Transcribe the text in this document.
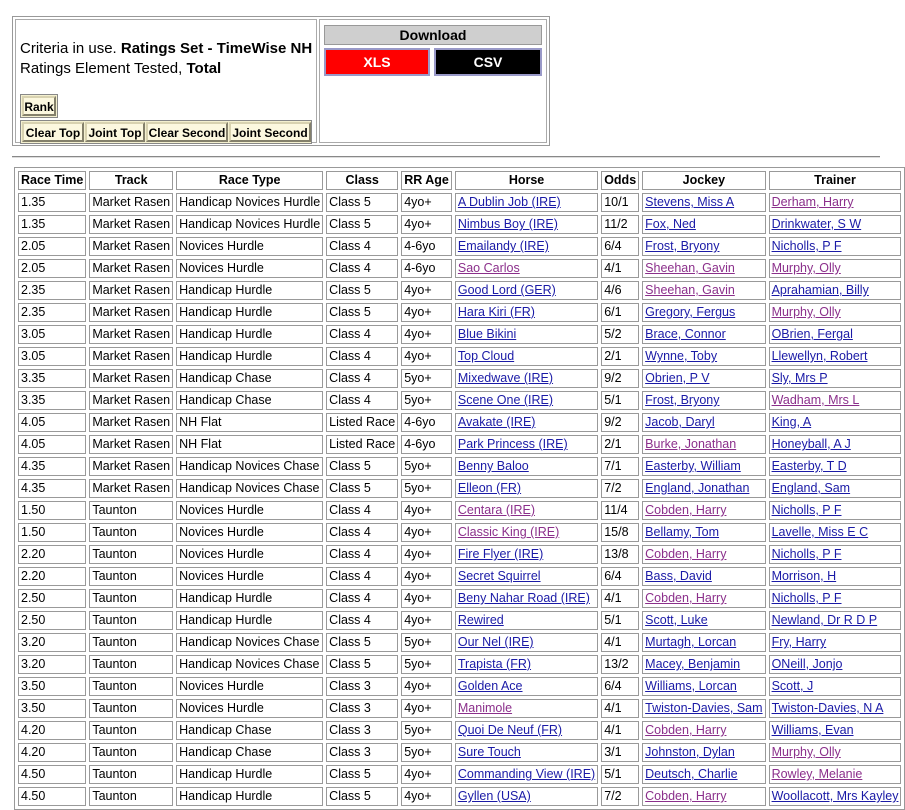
Criteria in use. Ratings Set - TimeWise NH
Ratings Element Tested, Total
Rank
Clear Top Joint Top Clear Second Joint Second
Download
XLS	CSV
Race Time	Track	Race Type	Class	RR Age	Horse	Odds	Jockey	Trainer
1.35	Market Rasen	Handicap Novices Hurdle	Class 5	4yo+	A Dublin Job (IRE)	10/1	Stevens, Miss A	Derham, Harry
1.35	Market Rasen	Handicap Novices Hurdle	Class 5	4yo+	Nimbus Boy (IRE)	11/2	Fox, Ned	Drinkwater, S W
2.05	Market Rasen	Novices Hurdle	Class 4	4-6yo	Emailandy (IRE)	6/4	Frost, Bryony	Nicholls, P F
2.05	Market Rasen	Novices Hurdle	Class 4	4-6yo	Sao Carlos	4/1	Sheehan, Gavin	Murphy, Olly
2.35	Market Rasen	Handicap Hurdle	Class 5	4yo+	Good Lord (GER)	4/6	Sheehan, Gavin	Aprahamian, Billy
2.35	Market Rasen	Handicap Hurdle	Class 5	4yo+	Hara Kiri (FR)	6/1	Gregory, Fergus	Murphy, Olly
3.05	Market Rasen	Handicap Hurdle	Class 4	4yo+	Blue Bikini	5/2	Brace, Connor	OBrien, Fergal
3.05	Market Rasen	Handicap Hurdle	Class 4	4yo+	Top Cloud	2/1	Wynne, Toby	Llewellyn, Robert
3.35	Market Rasen	Handicap Chase	Class 4	5yo+	Mixedwave (IRE)	9/2	Obrien, P V	Sly, Mrs P
3.35	Market Rasen	Handicap Chase	Class 4	5yo+	Scene One (IRE)	5/1	Frost, Bryony	Wadham, Mrs L
4.05	Market Rasen	NH Flat	Listed Race	4-6yo	Avakate (IRE)	9/2	Jacob, Daryl	King, A
4.05	Market Rasen	NH Flat	Listed Race	4-6yo	Park Princess (IRE)	2/1	Burke, Jonathan	Honeyball, A J
4.35	Market Rasen	Handicap Novices Chase	Class 5	5yo+	Benny Baloo	7/1	Easterby, William	Easterby, T D
4.35	Market Rasen	Handicap Novices Chase	Class 5	5yo+	Elleon (FR)	7/2	England, Jonathan	England, Sam
1.50	Taunton	Novices Hurdle	Class 4	4yo+	Centara (IRE)	11/4	Cobden, Harry	Nicholls, P F
1.50	Taunton	Novices Hurdle	Class 4	4yo+	Classic King (IRE)	15/8	Bellamy, Tom	Lavelle, Miss E C
2.20	Taunton	Novices Hurdle	Class 4	4yo+	Fire Flyer (IRE)	13/8	Cobden, Harry	Nicholls, P F
2.20	Taunton	Novices Hurdle	Class 4	4yo+	Secret Squirrel	6/4	Bass, David	Morrison, H
2.50	Taunton	Handicap Hurdle	Class 4	4yo+	Beny Nahar Road (IRE)	4/1	Cobden, Harry	Nicholls, P F
2.50	Taunton	Handicap Hurdle	Class 4	4yo+	Rewired	5/1	Scott, Luke	Newland, Dr R D P
3.20	Taunton	Handicap Novices Chase	Class 5	5yo+	Our Nel (IRE)	4/1	Murtagh, Lorcan	Fry, Harry
3.20	Taunton	Handicap Novices Chase	Class 5	5yo+	Trapista (FR)	13/2	Macey, Benjamin	ONeill, Jonjo
3.50	Taunton	Novices Hurdle	Class 3	4yo+	Golden Ace	6/4	Williams, Lorcan	Scott, J
3.50	Taunton	Novices Hurdle	Class 3	4yo+	Manimole	4/1	Twiston-Davies, Sam	Twiston-Davies, N A
4.20	Taunton	Handicap Chase	Class 3	5yo+	Quoi De Neuf (FR)	4/1	Cobden, Harry	Williams, Evan
4.20	Taunton	Handicap Chase	Class 3	5yo+	Sure Touch	3/1	Johnston, Dylan	Murphy, Olly
4.50	Taunton	Handicap Hurdle	Class 5	4yo+	Commanding View (IRE)	5/1	Deutsch, Charlie	Rowley, Melanie
4.50	Taunton	Handicap Hurdle	Class 5	4yo+	Gyllen (USA)	7/2	Cobden, Harry	Woollacott, Mrs Kayley
